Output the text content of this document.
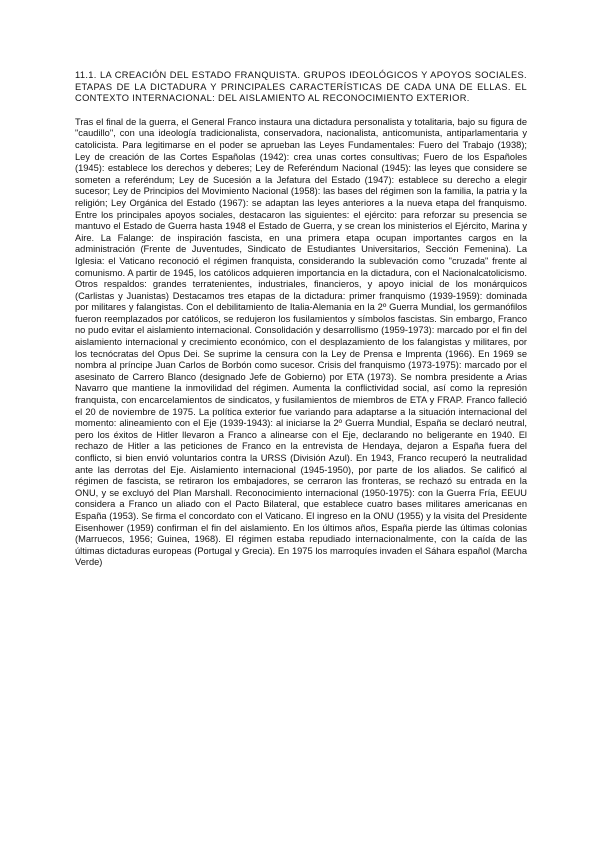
11.1. LA CREACIÓN DEL ESTADO FRANQUISTA. GRUPOS IDEOLÓGICOS Y APOYOS SOCIALES. ETAPAS DE LA DICTADURA Y PRINCIPALES CARACTERÍSTICAS DE CADA UNA DE ELLAS. EL CONTEXTO INTERNACIONAL: DEL AISLAMIENTO AL RECONOCIMIENTO EXTERIOR.

Tras el final de la guerra, el General Franco instaura una dictadura personalista y totalitaria, bajo su figura de "caudillo", con una ideología tradicionalista, conservadora, nacionalista, anticomunista, antiparlamentaria y catolicista. Para legitimarse en el poder se aprueban las Leyes Fundamentales: Fuero del Trabajo (1938); Ley de creación de las Cortes Españolas (1942): crea unas cortes consultivas; Fuero de los Españoles (1945): establece los derechos y deberes; Ley de Referéndum Nacional (1945): las leyes que considere se someten a referéndum; Ley de Sucesión a la Jefatura del Estado (1947): establece su derecho a elegir sucesor; Ley de Principios del Movimiento Nacional (1958): las bases del régimen son la familia, la patria y la religión; Ley Orgánica del Estado (1967): se adaptan las leyes anteriores a la nueva etapa del franquismo. Entre los principales apoyos sociales, destacaron las siguientes: el ejército: para reforzar su presencia se mantuvo el Estado de Guerra hasta 1948 el Estado de Guerra, y se crean los ministerios el Ejército, Marina y Aire. La Falange: de inspiración fascista, en una primera etapa ocupan importantes cargos en la administración (Frente de Juventudes, Sindicato de Estudiantes Universitarios, Sección Femenina). La Iglesia: el Vaticano reconoció el régimen franquista, considerando la sublevación como "cruzada" frente al comunismo. A partir de 1945, los católicos adquieren importancia en la dictadura, con el Nacionalcatolicismo. Otros respaldos: grandes terratenientes, industriales, financieros, y apoyo inicial de los monárquicos (Carlistas y Juanistas) Destacamos tres etapas de la dictadura: primer franquismo (1939-1959): dominada por militares y falangistas. Con el debilitamiento de Italia-Alemania en la 2º Guerra Mundial, los germanófilos fueron reemplazados por católicos, se redujeron los fusilamientos y símbolos fascistas. Sin embargo, Franco no pudo evitar el aislamiento internacional. Consolidación y desarrollismo (1959-1973): marcado por el fin del aislamiento internacional y crecimiento económico, con el desplazamiento de los falangistas y militares, por los tecnócratas del Opus Dei. Se suprime la censura con la Ley de Prensa e Imprenta (1966). En 1969 se nombra al príncipe Juan Carlos de Borbón como sucesor. Crisis del franquismo (1973-1975): marcado por el asesinato de Carrero Blanco (designado Jefe de Gobierno) por ETA (1973). Se nombra presidente a Arias Navarro que mantiene la inmovilidad del régimen. Aumenta la conflictividad social, así como la represión franquista, con encarcelamientos de sindicatos, y fusilamientos de miembros de ETA y FRAP. Franco falleció el 20 de noviembre de 1975. La política exterior fue variando para adaptarse a la situación internacional del momento: alineamiento con el Eje (1939-1943): al iniciarse la 2º Guerra Mundial, España se declaró neutral, pero los éxitos de Hitler llevaron a Franco a alinearse con el Eje, declarando no beligerante en 1940. El rechazo de Hitler a las peticiones de Franco en la entrevista de Hendaya, dejaron a España fuera del conflicto, si bien envió voluntarios contra la URSS (División Azul). En 1943, Franco recuperó la neutralidad ante las derrotas del Eje. Aislamiento internacional (1945-1950), por parte de los aliados. Se calificó al régimen de fascista, se retiraron los embajadores, se cerraron las fronteras, se rechazó su entrada en la ONU, y se excluyó del Plan Marshall. Reconocimiento internacional (1950-1975): con la Guerra Fría, EEUU considera a Franco un aliado con el Pacto Bilateral, que establece cuatro bases militares americanas en España (1953). Se firma el concordato con el Vaticano. El ingreso en la ONU (1955) y la visita del Presidente Eisenhower (1959) confirman el fin del aislamiento. En los últimos años, España pierde las últimas colonias (Marruecos, 1956; Guinea, 1968). El régimen estaba repudiado internacionalmente, con la caída de las últimas dictaduras europeas (Portugal y Grecia). En 1975 los marroquíes invaden el Sáhara español (Marcha Verde)
